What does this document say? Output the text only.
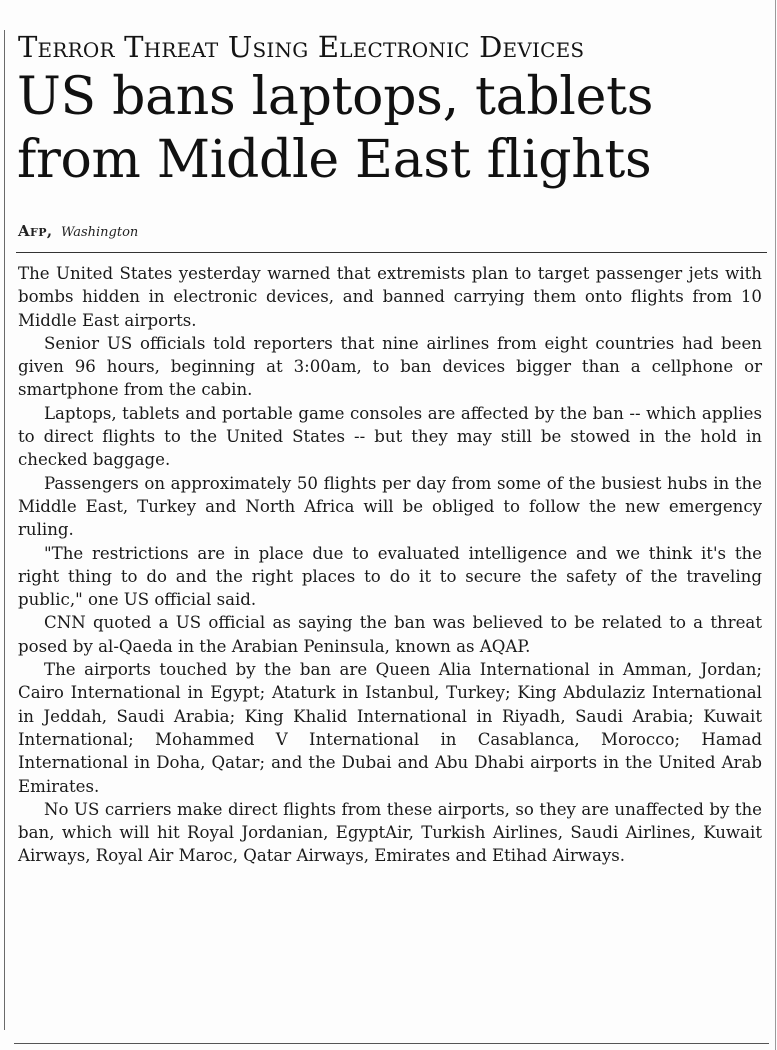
Terror Threat Using Electronic Devices
US bans laptops, tablets from Middle East flights
Afp, Washington

The United States yesterday warned that extremists plan to target passenger jets with bombs hidden in electronic devices, and banned carrying them onto flights from 10 Middle East airports.

Senior US officials told reporters that nine airlines from eight countries had been given 96 hours, beginning at 3:00am, to ban devices bigger than a cellphone or smartphone from the cabin.

Laptops, tablets and portable game consoles are affected by the ban -- which applies to direct flights to the United States -- but they may still be stowed in the hold in checked baggage.

Passengers on approximately 50 flights per day from some of the busiest hubs in the Middle East, Turkey and North Africa will be obliged to follow the new emergency ruling.

"The restrictions are in place due to evaluated intelligence and we think it's the right thing to do and the right places to do it to secure the safety of the traveling public," one US official said.

CNN quoted a US official as saying the ban was believed to be related to a threat posed by al-Qaeda in the Arabian Peninsula, known as AQAP.

The airports touched by the ban are Queen Alia International in Amman, Jordan; Cairo International in Egypt; Ataturk in Istanbul, Turkey; King Abdulaziz International in Jeddah, Saudi Arabia; King Khalid International in Riyadh, Saudi Arabia; Kuwait International; Mohammed V International in Casablanca, Morocco; Hamad International in Doha, Qatar; and the Dubai and Abu Dhabi airports in the United Arab Emirates.

No US carriers make direct flights from these airports, so they are unaffected by the ban, which will hit Royal Jordanian, EgyptAir, Turkish Airlines, Saudi Airlines, Kuwait Airways, Royal Air Maroc, Qatar Airways, Emirates and Etihad Airways.
